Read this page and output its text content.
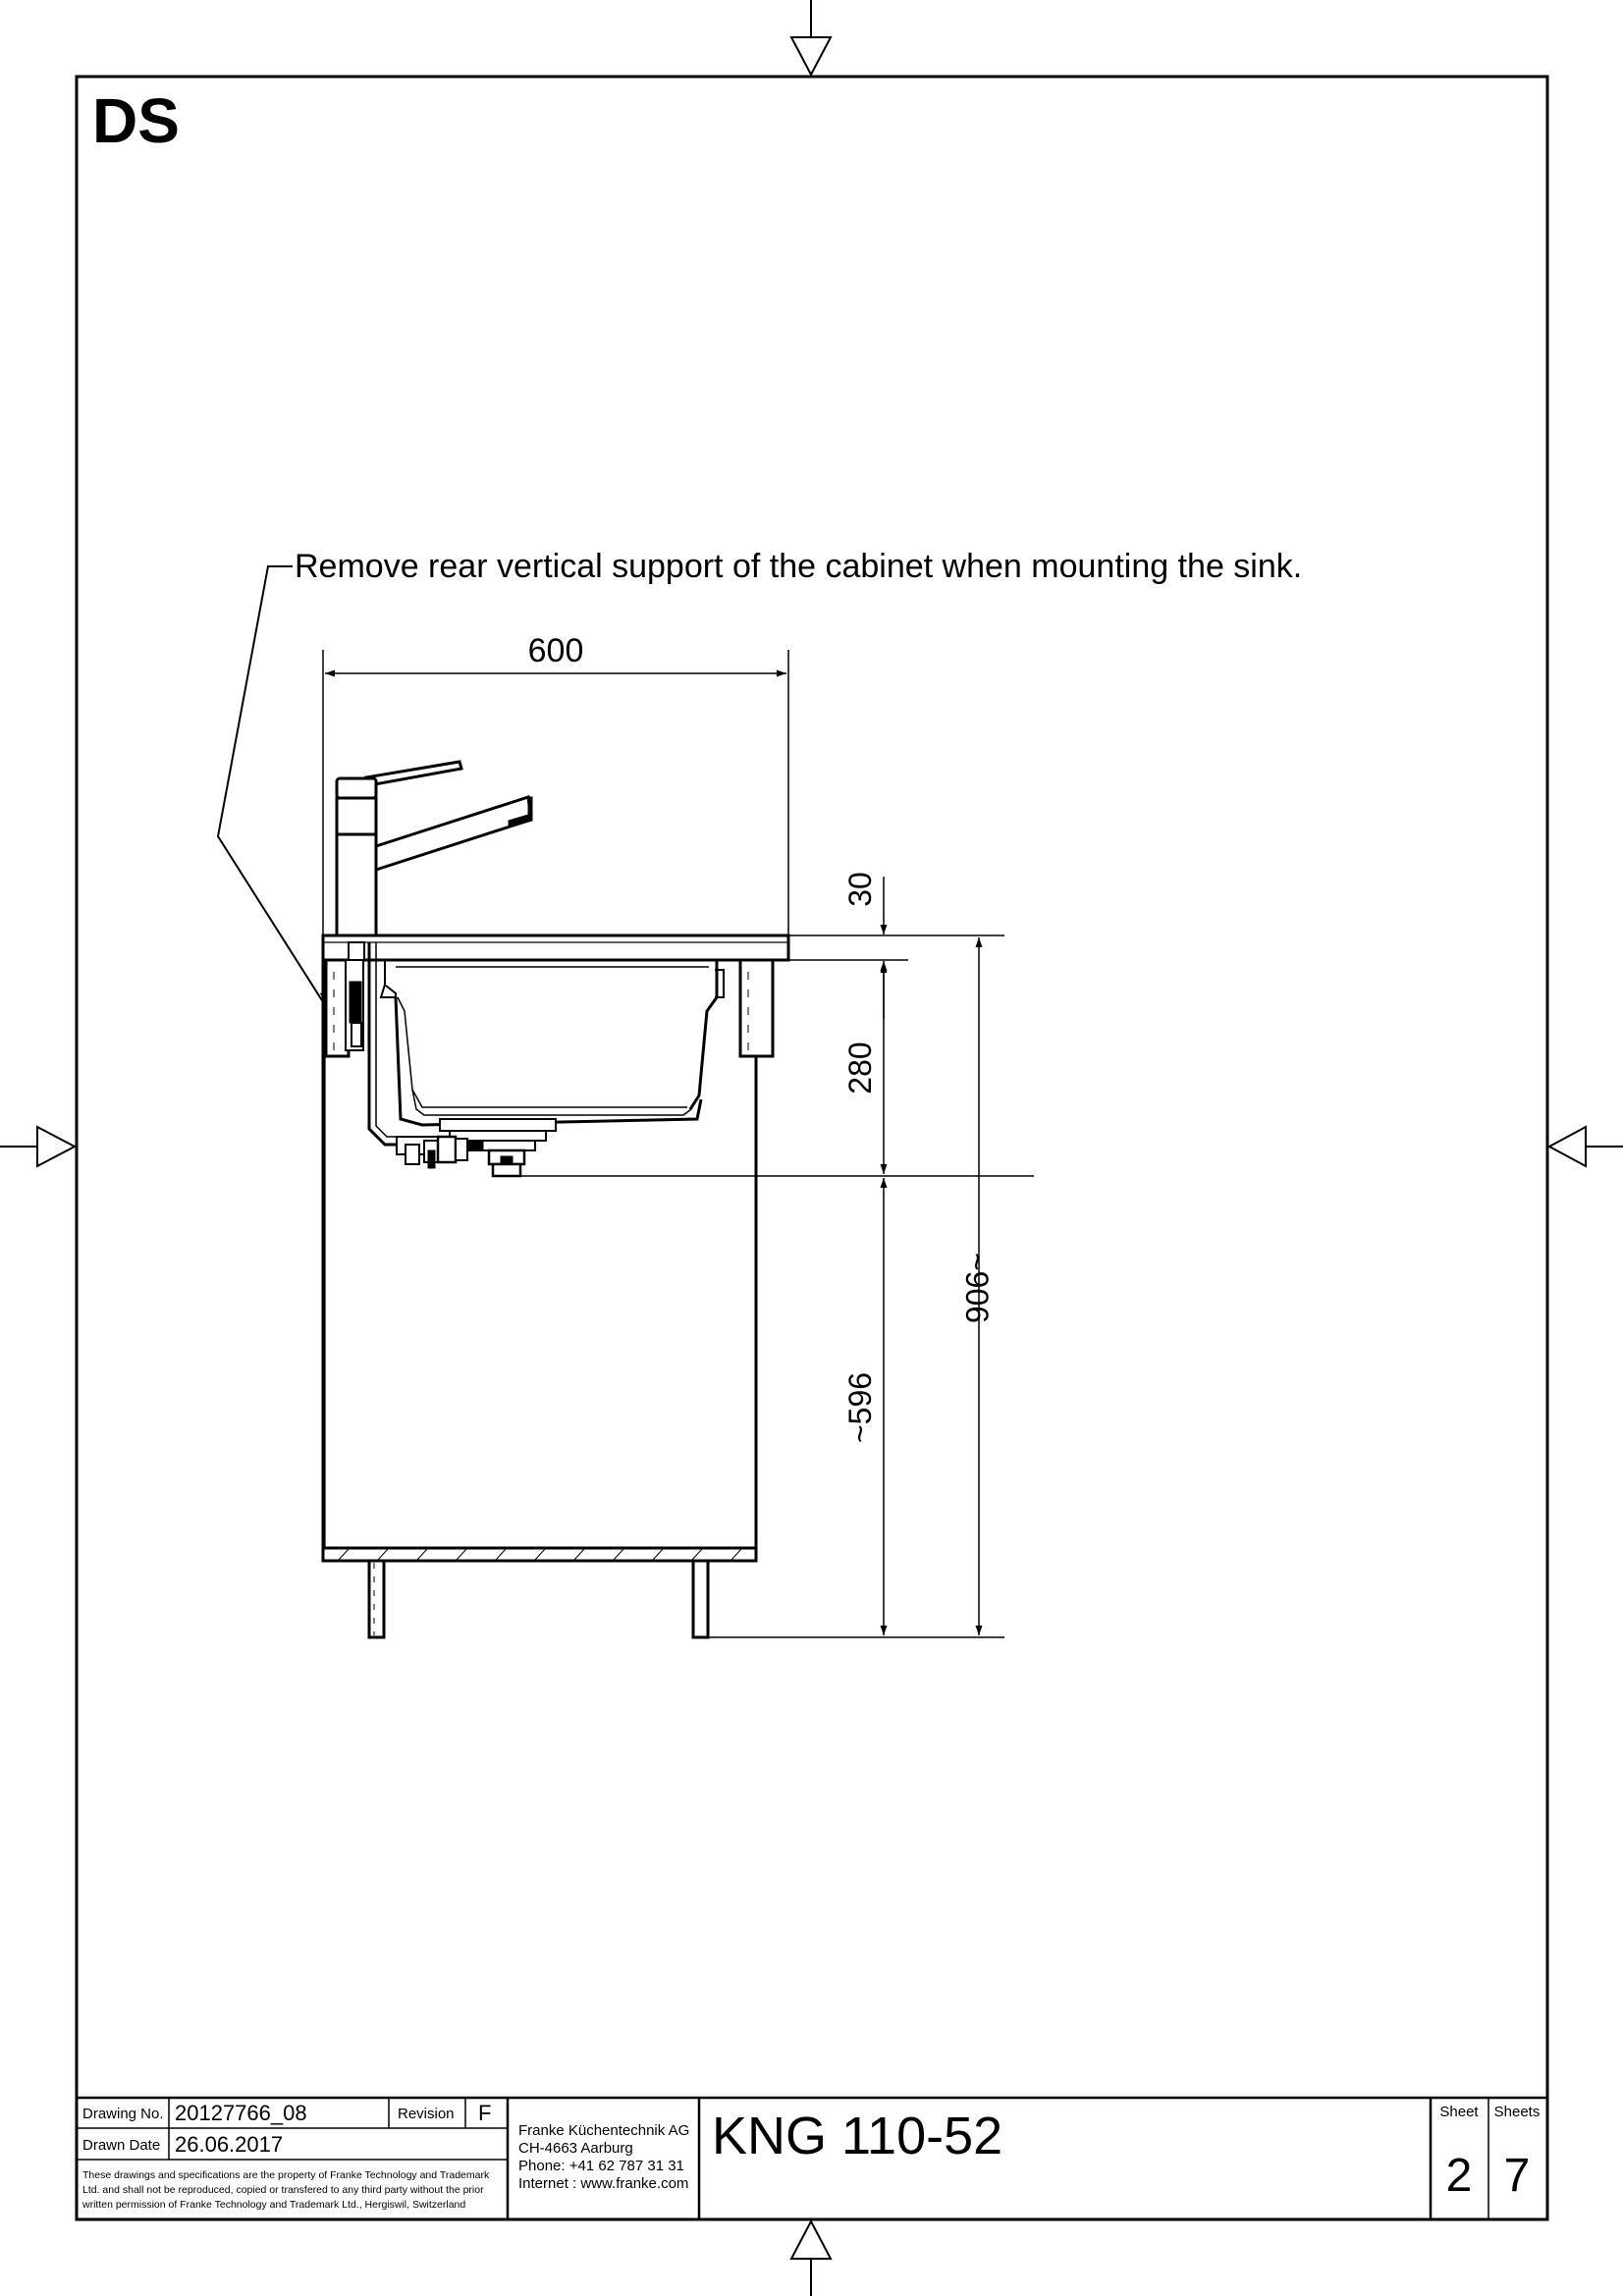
DS
Remove rear vertical support of the cabinet when mounting the sink.
600
30
280
~596
~906
Drawing No. 20127766_08	Revision F
Drawn Date 26.06.2017
These drawings and specifications are the property of Franke Technology and Trademark
Ltd. and shall not be reproduced, copied or transfered to any third party without the prior
written permission of Franke Technology and Trademark Ltd., Hergiswil, Switzerland
Franke Küchentechnik AG
CH-4663 Aarburg
Phone: +41 62 787 31 31
Internet : www.franke.com
KNG 110-52	Sheet Sheets
2 7
